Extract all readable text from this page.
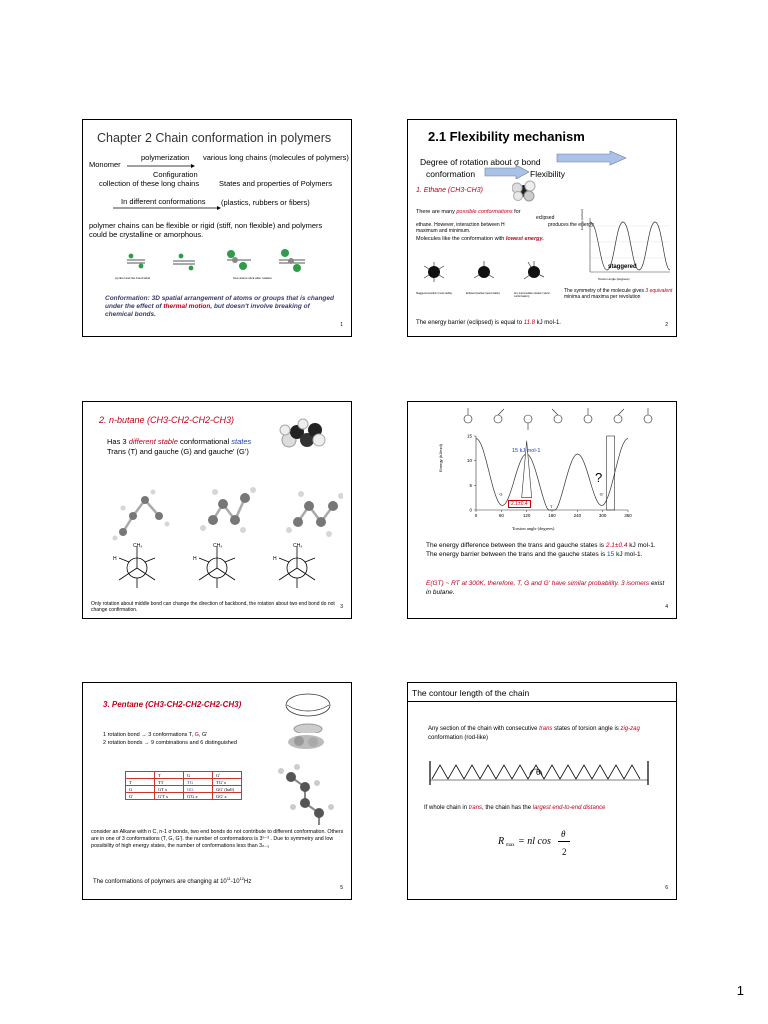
Chapter 2 Chain conformation in polymers
Monomer
polymerization various long chains (molecules of polymers)
Configuration
collection of these long chains	States and properties of Polymers
In different conformations (plastics, rubbers or fibers)
polymer chains can be flexible or rigid (stiff, non flexible) and polymers could be crystalline or amorphous.
symbol and the bond label	how atoms stick after rotation
Conformation: 3D spatial arrangement of atoms or groups that is changed under the effect of thermal motion, but doesn't involve breaking of chemical bonds.
1
2.1 Flexibility mechanism
Degree of rotation about σ bond
conformation	Flexibility
1. Ethane (CH3-CH3)
There are many possible conformations for
eclipsed
ethane. However, interaction between H	produces the energy
maximum and minimum.
Molecules like the conformation with lowest energy.
Torsion angle (degrees)
Energy (kJ/mol)
staggered
Staggered position (most stable)	Eclipsed position (least stable)	Any intermediate rotation ('skew' conformation)
The symmetry of the molecule gives 3 equivalent
minima and maxima per revolution
The energy barrier (eclipsed) is equal to 11.8 kJ mol-1.	2
2. n-butane (CH3-CH2-CH2-CH3)
Has 3 different stable conformational states
Trans (T) and gauche (G) and gauche' (G')
CH₃	CH₃	CH₃
H	H	H
Only rotation about middle bond can change the direction of backbond, the rotation about two end bond do not change confirmation.	3
15
10
5
0
0	60	120	180	240	300	360
T
G	G'
Energy (kJ/mol)
Torsion angle (degrees)
15 kJ mol-1
2.1±0.4
?
The energy difference between the trans and gauche states is 2.1±0.4 kJ mol-1. The energy barrier between the trans and the gauche states is 15 kJ mol-1.
E(GT) ~ RT at 300K, therefore, T, G and G' have similar probability. 3 isomers exist in butane.
4
3. Pentane (CH3-CH2-CH2-CH2-CH3)
1 rotation bond → 3 conformations T, G, G'
2 rotation bonds → 9 combinations and 6 distinguished
	T	G	G'
T	TT	TG	TG' x
G	GT x	GG	GG' (hall)
G'	G'T x	G'G x	GG' x
consider an Alkane with n C, n-1 σ bonds, two end bonds do not contribute to different conformation. Others are in one of 3 conformations (T, G, G'). the number of conformations is 3ⁿ⁻³ . Due to symmetry and low possibility of high energy states, the number of conformations less than 3ₙ₋₃
The conformations of polymers are changing at $10^{11}-10^{12}Hz$
5
The contour length of the chain
Any section of the chain with consecutive trans states of torsion angle is zig-zag conformation (rod-like)
θ
If whole chain in trans, the chain has the largest end-to-end distance
R max = nl cos
θ
2
6
1
